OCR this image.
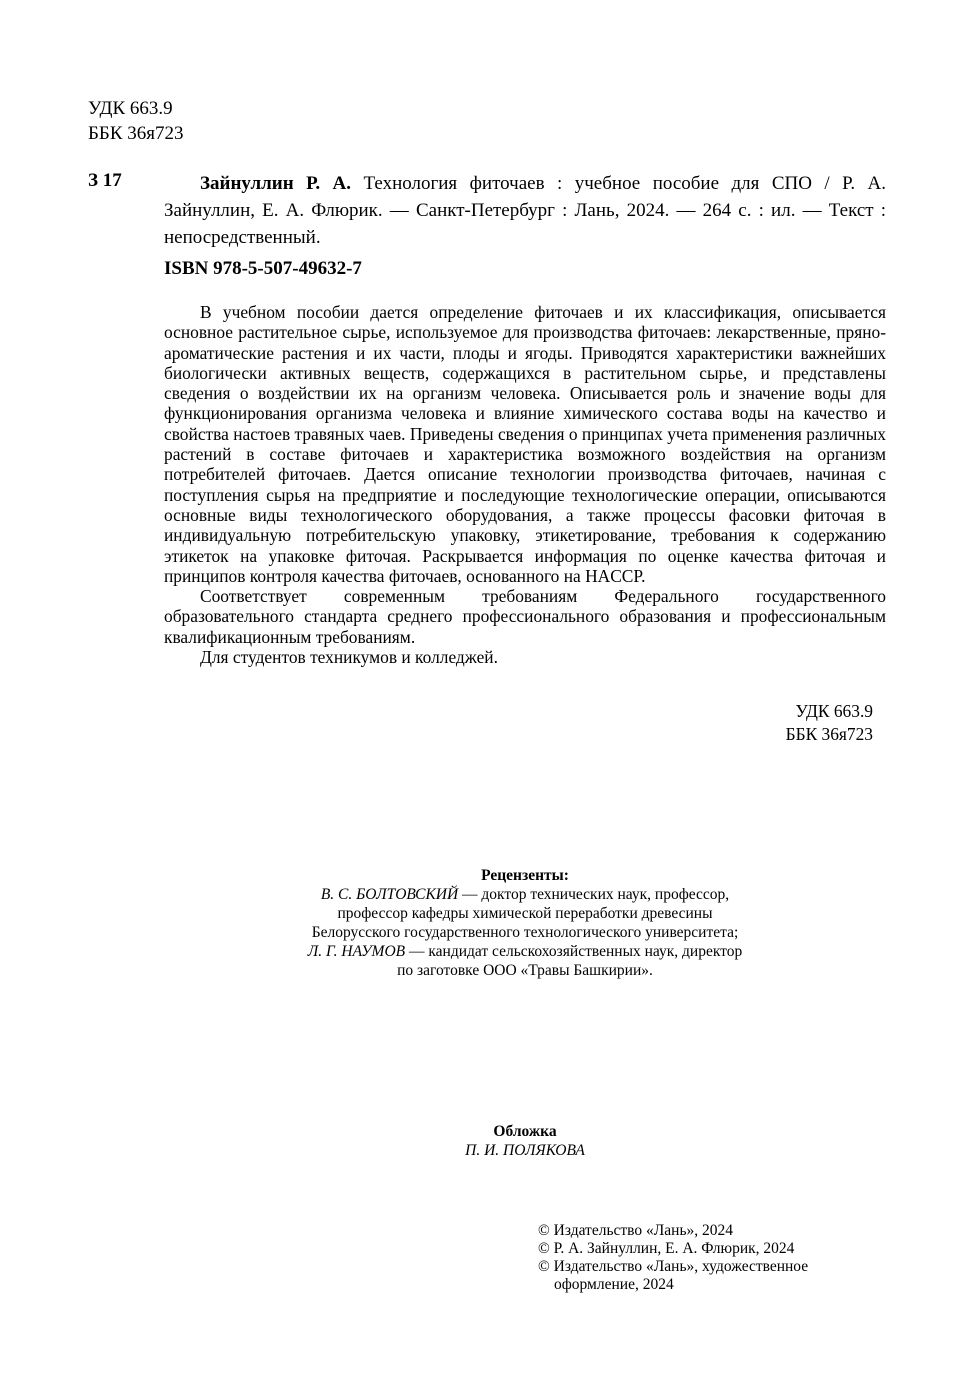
УДК 663.9
ББК 36я723
З 17	Зайнуллин Р. А. Технология фиточаев : учебное пособие для СПО / Р. А. Зайнуллин, Е. А. Флюрик. — Санкт-Петербург : Лань, 2024. — 264 с. : ил. — Текст : непосредственный.
ISBN 978-5-507-49632-7

В учебном пособии дается определение фиточаев и их классификация, описывается основное растительное сырье, используемое для производства фиточаев: лекарственные, пряно-ароматические растения и их части, плоды и ягоды. Приводятся характеристики важнейших биологически активных веществ, содержащихся в растительном сырье, и представлены сведения о воздействии их на организм человека. Описывается роль и значение воды для функционирования организма человека и влияние химического состава воды на качество и свойства настоев травяных чаев. Приведены сведения о принципах учета применения различных растений в составе фиточаев и характеристика возможного воздействия на организм потребителей фиточаев. Дается описание технологии производства фиточаев, начиная с поступления сырья на предприятие и последующие технологические операции, описываются основные виды технологического оборудования, а также процессы фасовки фиточая в индивидуальную потребительскую упаковку, этикетирование, требования к содержанию этикеток на упаковке фиточая. Раскрывается информация по оценке качества фиточая и принципов контроля качества фиточаев, основанного на HACCP.

Соответствует современным требованиям Федерального государственного образовательного стандарта среднего профессионального образования и профессиональным квалификационным требованиям.

Для студентов техникумов и колледжей.

УДК 663.9
ББК 36я723
Рецензенты:
В. С. БОЛТОВСКИЙ — доктор технических наук, профессор,
профессор кафедры химической переработки древесины
Белорусского государственного технологического университета;
Л. Г. НАУМОВ — кандидат сельскохозяйственных наук, директор
по заготовке ООО «Травы Башкирии».
Обложка
П. И. ПОЛЯКОВА
© Издательство «Лань», 2024
© Р. А. Зайнуллин, Е. А. Флюрик, 2024
© Издательство «Лань», художественное
оформление, 2024
